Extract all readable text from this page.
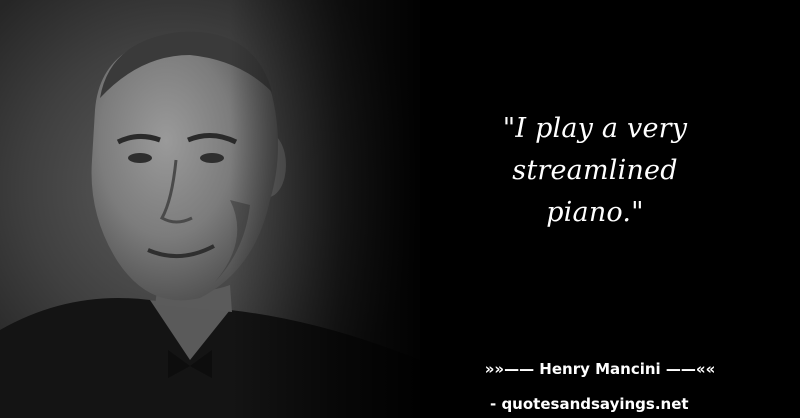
"I play a very streamlined piano."
»»—— Henry Mancini ——««
- quotesandsayings.net
